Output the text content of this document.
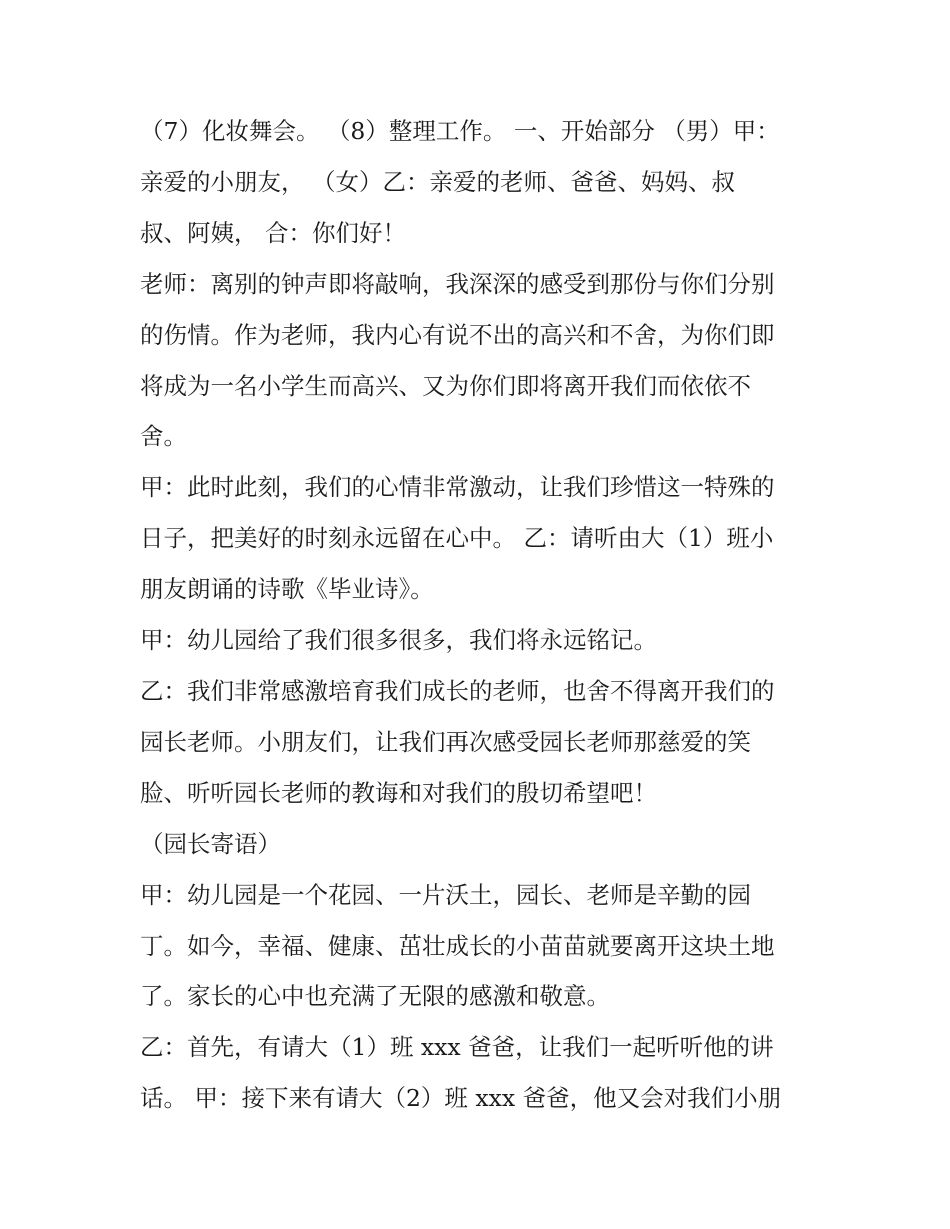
（7）化妆舞会。 （8）整理工作。 一、开始部分 （男）甲：

亲爱的小朋友， （女）乙：亲爱的老师、爸爸、妈妈、叔

叔、阿姨， 合：你们好！

老师：离别的钟声即将敲响，我深深的感受到那份与你们分别

的伤情。作为老师，我内心有说不出的高兴和不舍，为你们即

将成为一名小学生而高兴、又为你们即将离开我们而依依不

舍。

甲：此时此刻，我们的心情非常激动，让我们珍惜这一特殊的

日子，把美好的时刻永远留在心中。 乙：请听由大（1）班小

朋友朗诵的诗歌《毕业诗》。

甲：幼儿园给了我们很多很多，我们将永远铭记。

乙：我们非常感激培育我们成长的老师，也舍不得离开我们的

园长老师。小朋友们，让我们再次感受园长老师那慈爱的笑

脸、听听园长老师的教诲和对我们的殷切希望吧！

（园长寄语）

甲：幼儿园是一个花园、一片沃土，园长、老师是辛勤的园

丁。如今，幸福、健康、茁壮成长的小苗苗就要离开这块土地

了。家长的心中也充满了无限的感激和敬意。

乙：首先，有请大（1）班 xxx 爸爸，让我们一起听听他的讲

话。 甲：接下来有请大（2）班 xxx 爸爸，他又会对我们小朋
